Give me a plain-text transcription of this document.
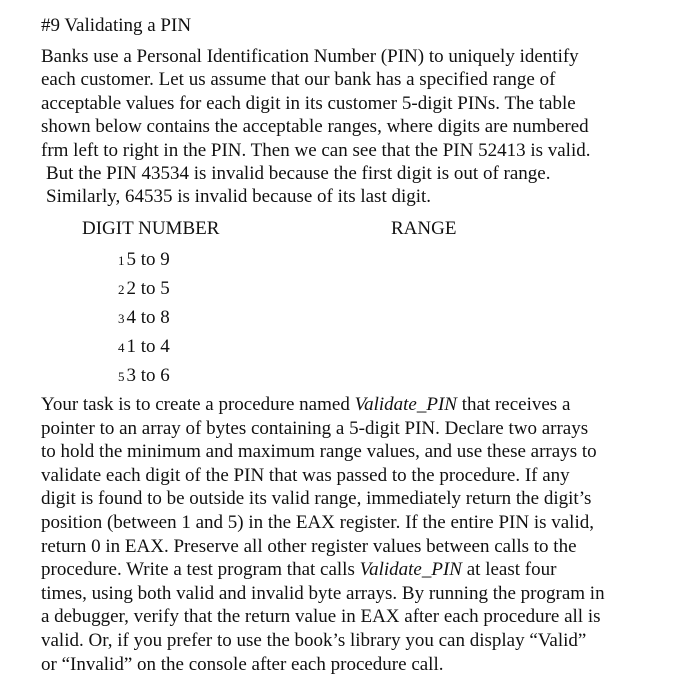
#9 Validating a PIN

Banks use a Personal Identification Number (PIN) to uniquely identify
each customer. Let us assume that our bank has a specified range of
acceptable values for each digit in its customer 5-digit PINs. The table
shown below contains the acceptable ranges, where digits are numbered
frm left to right in the PIN. Then we can see that the PIN 52413 is valid.
But the PIN 43534 is invalid because the first digit is out of range.
Similarly, 64535 is invalid because of its last digit.

DIGIT NUMBER	RANGE
1 5 to 9
2 2 to 5
3 4 to 8
4 1 to 4
5 3 to 6

Your task is to create a procedure named Validate_PIN that receives a
pointer to an array of bytes containing a 5-digit PIN. Declare two arrays
to hold the minimum and maximum range values, and use these arrays to
validate each digit of the PIN that was passed to the procedure. If any
digit is found to be outside its valid range, immediately return the digit’s
position (between 1 and 5) in the EAX register. If the entire PIN is valid,
return 0 in EAX. Preserve all other register values between calls to the
procedure. Write a test program that calls Validate_PIN at least four
times, using both valid and invalid byte arrays. By running the program in
a debugger, verify that the return value in EAX after each procedure all is
valid. Or, if you prefer to use the book’s library you can display “Valid”
or “Invalid” on the console after each procedure call.
